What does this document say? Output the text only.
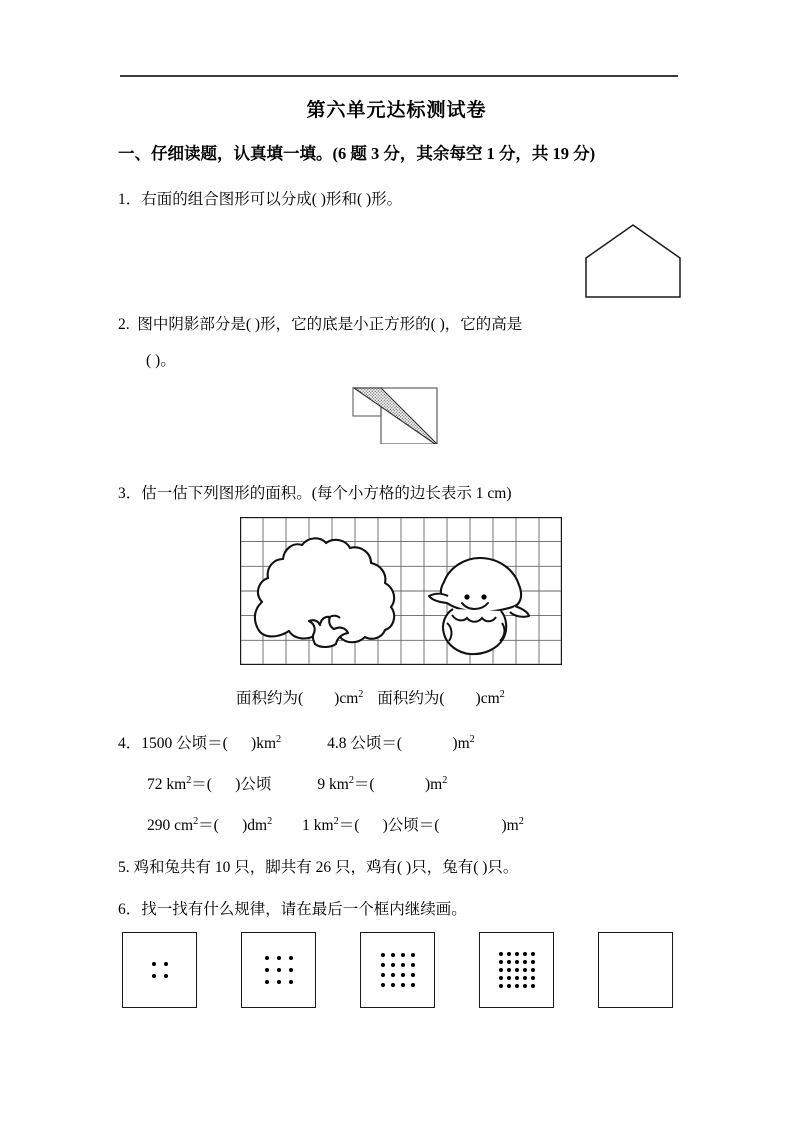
第六单元达标测试卷
一、仔细读题，认真填一填。(6 题 3 分，其余每空 1 分，共 19 分)
1．右面的组合图形可以分成( )形和( )形。
2. 图中阴影部分是( )形，它的底是小正方形的( )，它的高是
( )。
3．估一估下列图形的面积。(每个小方格的边长表示 1 cm)
面积约为(        )$cm^2$ 面积约为(        )$cm^2$
4．1500 公顷＝(      )$km^2$	4.8 公顷＝(             )$m^2$
72 $km^2=$(      )公顷	9 $km^2=$(             )$m^2$
290 $cm^2=$(      )$dm^2$ 1 $km^2=$(      )公顷＝(                )$m^2$
5. 鸡和兔共有 10 只，脚共有 26 只，鸡有( )只，兔有( )只。
6．找一找有什么规律，请在最后一个框内继续画。
